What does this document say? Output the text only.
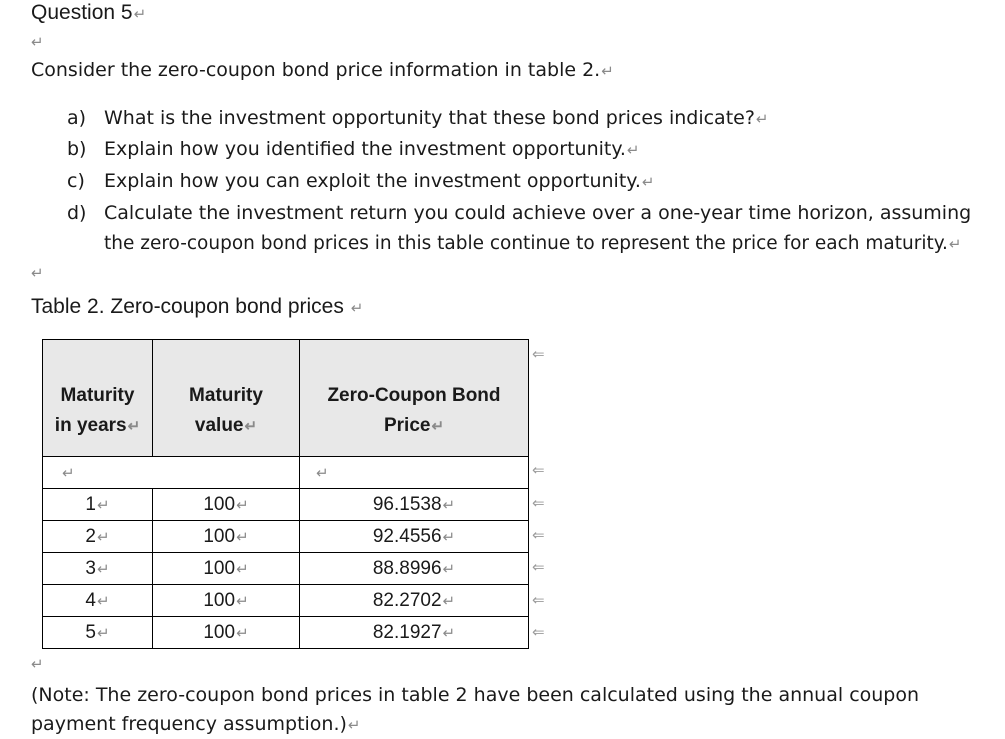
Question 5↵
↵
Consider the zero-coupon bond price information in table 2.↵
a) What is the investment opportunity that these bond prices indicate?↵
b) Explain how you identified the investment opportunity.↵
c) Explain how you can exploit the investment opportunity.↵
d) Calculate the investment return you could achieve over a one-year time horizon, assuming
the zero-coupon bond prices in this table continue to represent the price for each maturity.↵
↵
Table 2. Zero-coupon bond prices ↵
Maturity
in years↵	Maturity
value↵	Zero-Coupon Bond
Price↵
↵		↵
1↵	100↵	96.1538↵
2↵	100↵	92.4556↵
3↵	100↵	88.8996↵
4↵	100↵	82.2702↵
5↵	100↵	82.1927↵
⇐
⇐
⇐
⇐
⇐
⇐
⇐
↵
(Note: The zero-coupon bond prices in table 2 have been calculated using the annual coupon
payment frequency assumption.)↵
